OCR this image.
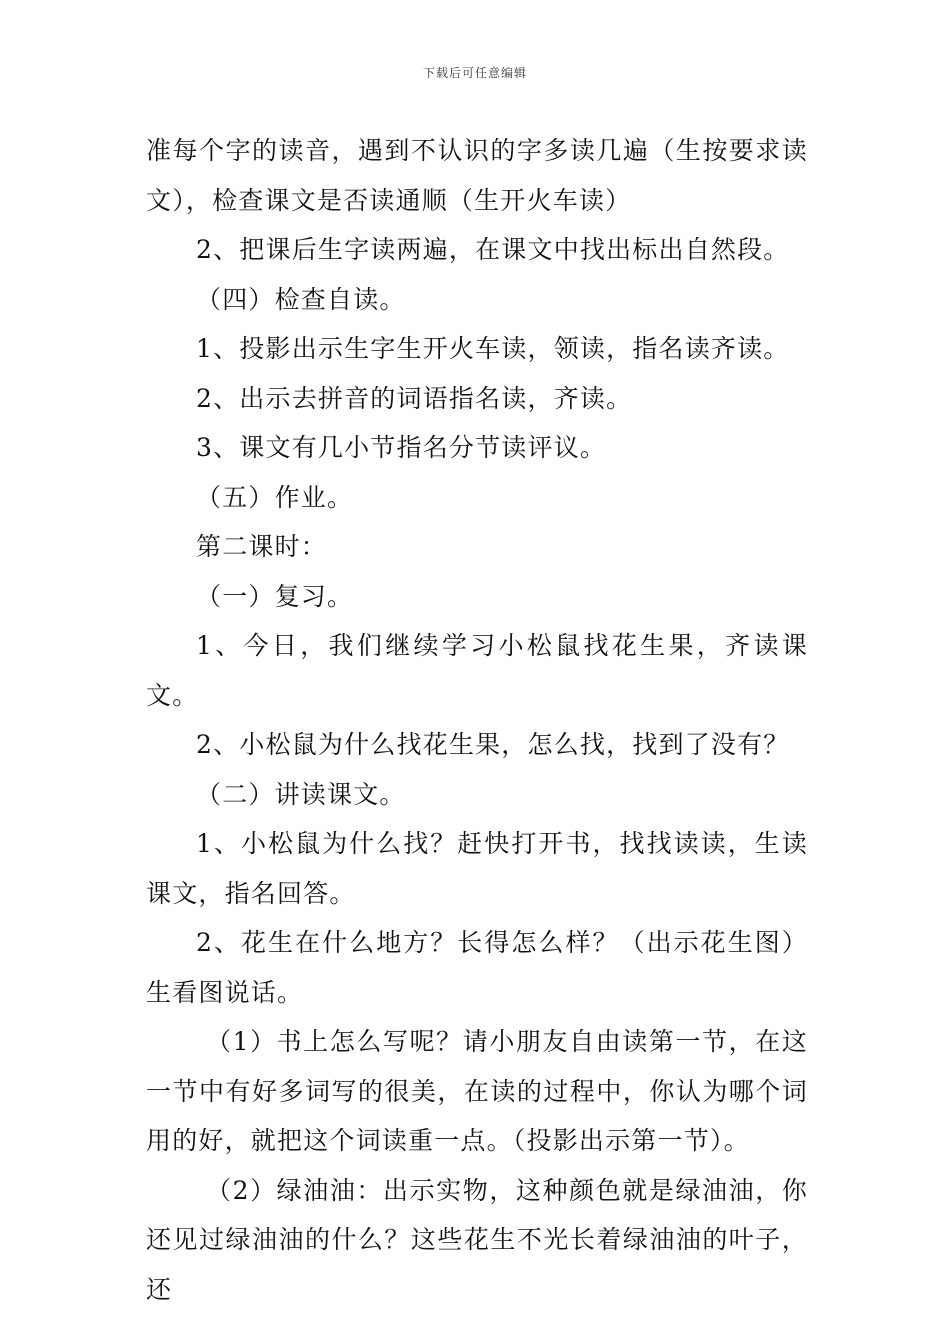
下载后可任意编辑

准每个字的读音，遇到不认识的字多读几遍（生按要求读文），检查课文是否读通顺（生开火车读）

2、把课后生字读两遍，在课文中找出标出自然段。

（四）检查自读。

1、投影出示生字生开火车读，领读，指名读齐读。

2、出示去拼音的词语指名读，齐读。

3、课文有几小节指名分节读评议。

（五）作业。

第二课时：

（一）复习。

1、今日，我们继续学习小松鼠找花生果，齐读课文。

2、小松鼠为什么找花生果，怎么找，找到了没有？

（二）讲读课文。

1、小松鼠为什么找？赶快打开书，找找读读，生读课文，指名回答。

2、花生在什么地方？长得怎么样？（出示花生图）生看图说话。

（1）书上怎么写呢？请小朋友自由读第一节，在这一节中有好多词写的很美，在读的过程中，你认为哪个词用的好，就把这个词读重一点。（投影出示第一节）。

（2）绿油油：出示实物，这种颜色就是绿油油，你还见过绿油油的什么？这些花生不光长着绿油油的叶子，还
